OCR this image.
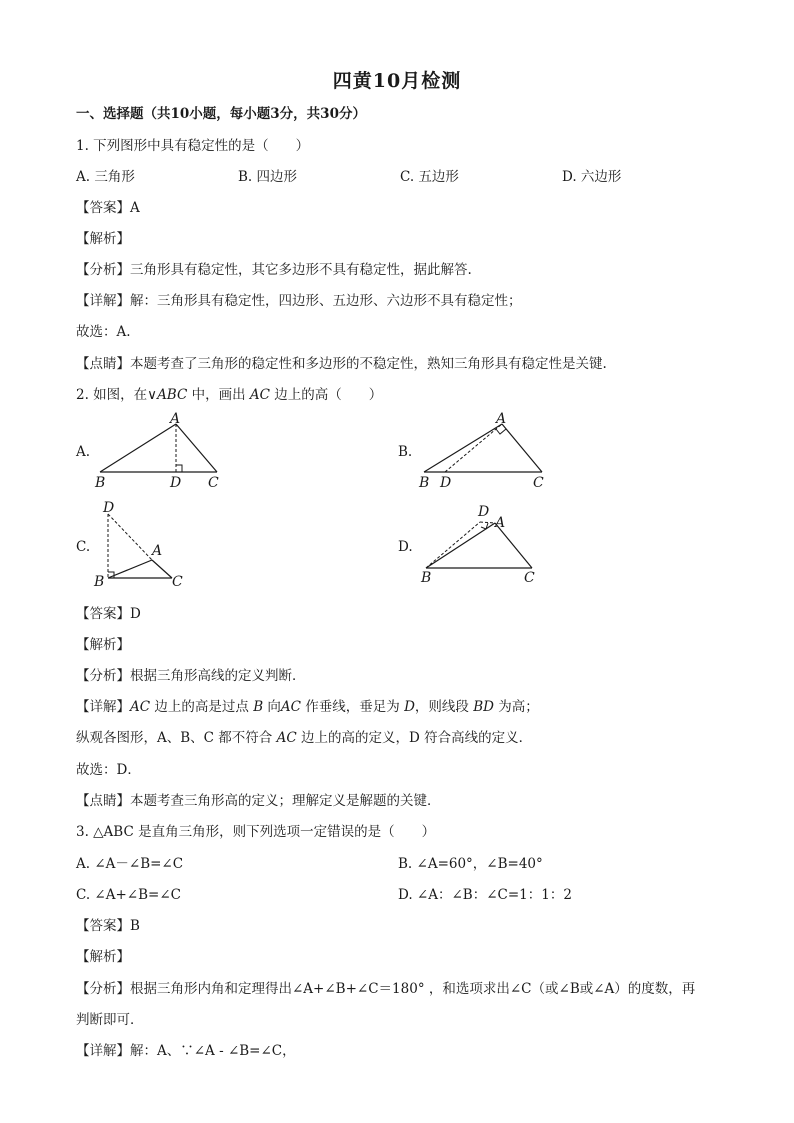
四黄10月检测
一、选择题（共10小题，每小题3分，共30分）
1. 下列图形中具有稳定性的是（　　）
A. 三角形	B. 四边形	C. 五边形	D. 六边形
【答案】A
【解析】
【分析】三角形具有稳定性，其它多边形不具有稳定性，据此解答.
【详解】解：三角形具有稳定性，四边形、五边形、六边形不具有稳定性；
故选：A.
【点睛】本题考查了三角形的稳定性和多边形的不稳定性，熟知三角形具有稳定性是关键.
2. 如图，在∨ABC 中，画出 AC 边上的高（　　）
A.
A
B	D C
B.
A
B D	C
C.
D
A
B	C
D.
D
A
B	C
【答案】D
【解析】
【分析】根据三角形高线的定义判断．
【详解】AC 边上的高是过点 B 向AC 作垂线，垂足为 D，则线段 BD 为高；
纵观各图形，A、B、C 都不符合 AC 边上的高的定义，D 符合高线的定义．
故选：D．
【点睛】本题考查三角形高的定义；理解定义是解题的关键．
3. △ABC 是直角三角形，则下列选项一定错误的是（　　）
A. ∠A－∠B=∠C	B. ∠A=60°，∠B=40°
C. ∠A+∠B=∠C	D. ∠A：∠B：∠C=1：1：2
【答案】B
【解析】
【分析】根据三角形内角和定理得出∠A+∠B+∠C＝180° ，和选项求出∠C（或∠B或∠A）的度数，再
判断即可．
【详解】解：A、∵∠A - ∠B=∠C，
